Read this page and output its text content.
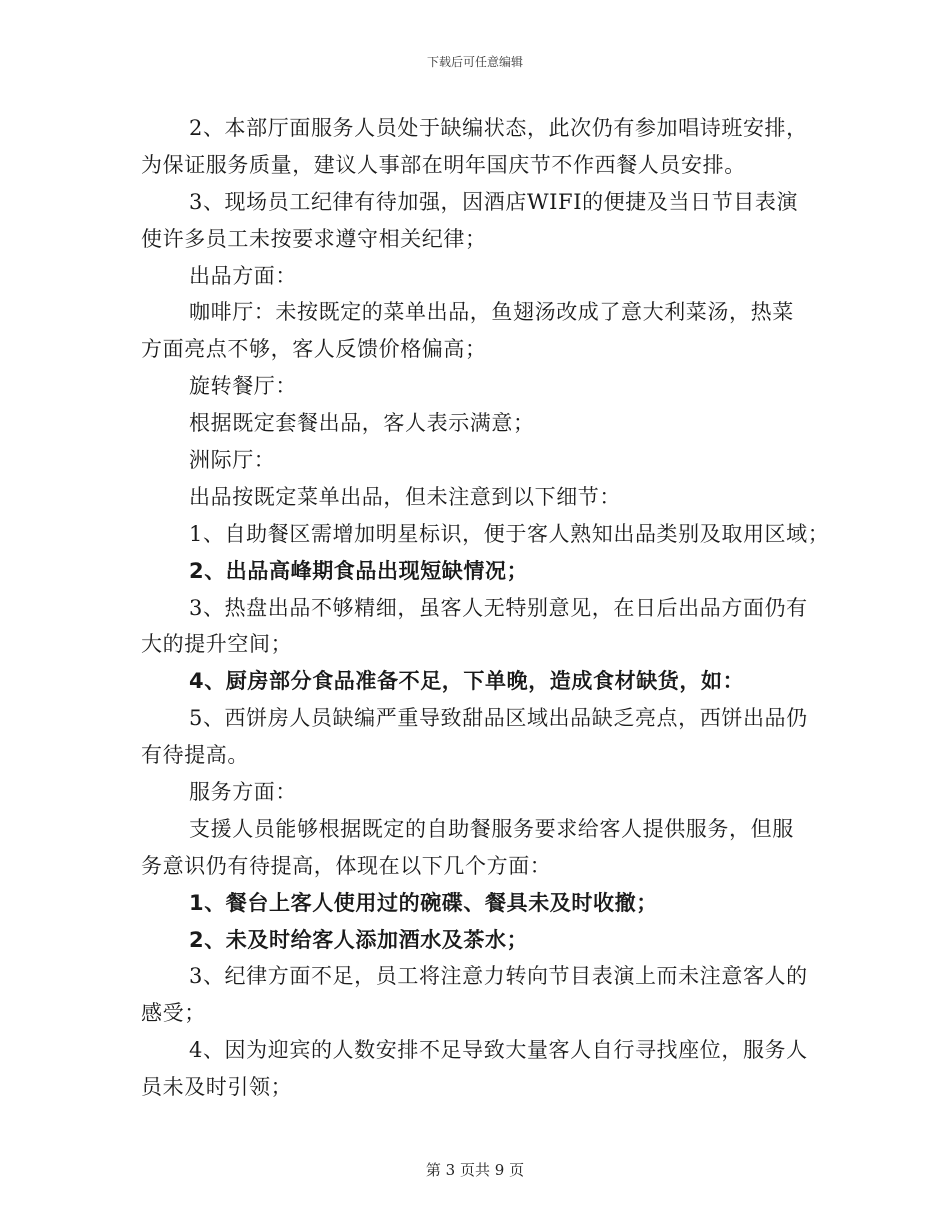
下载后可任意编辑
2、本部厅面服务人员处于缺编状态，此次仍有参加唱诗班安排，
为保证服务质量，建议人事部在明年国庆节不作西餐人员安排。
3、现场员工纪律有待加强，因酒店WIFI的便捷及当日节目表演
使许多员工未按要求遵守相关纪律；
出品方面：
咖啡厅：未按既定的菜单出品，鱼翅汤改成了意大利菜汤，热菜
方面亮点不够，客人反馈价格偏高；
旋转餐厅：
根据既定套餐出品，客人表示满意；
洲际厅：
出品按既定菜单出品，但未注意到以下细节：
1、自助餐区需增加明星标识，便于客人熟知出品类别及取用区域；
2、出品高峰期食品出现短缺情况；
3、热盘出品不够精细，虽客人无特别意见，在日后出品方面仍有
大的提升空间；
4、厨房部分食品准备不足，下单晚，造成食材缺货，如：
5、西饼房人员缺编严重导致甜品区域出品缺乏亮点，西饼出品仍
有待提高。
服务方面：
支援人员能够根据既定的自助餐服务要求给客人提供服务，但服
务意识仍有待提高，体现在以下几个方面：
1、餐台上客人使用过的碗碟、餐具未及时收撤；
2、未及时给客人添加酒水及茶水；
3、纪律方面不足，员工将注意力转向节目表演上而未注意客人的
感受；
4、因为迎宾的人数安排不足导致大量客人自行寻找座位，服务人
员未及时引领；
第 3 页共 9 页
